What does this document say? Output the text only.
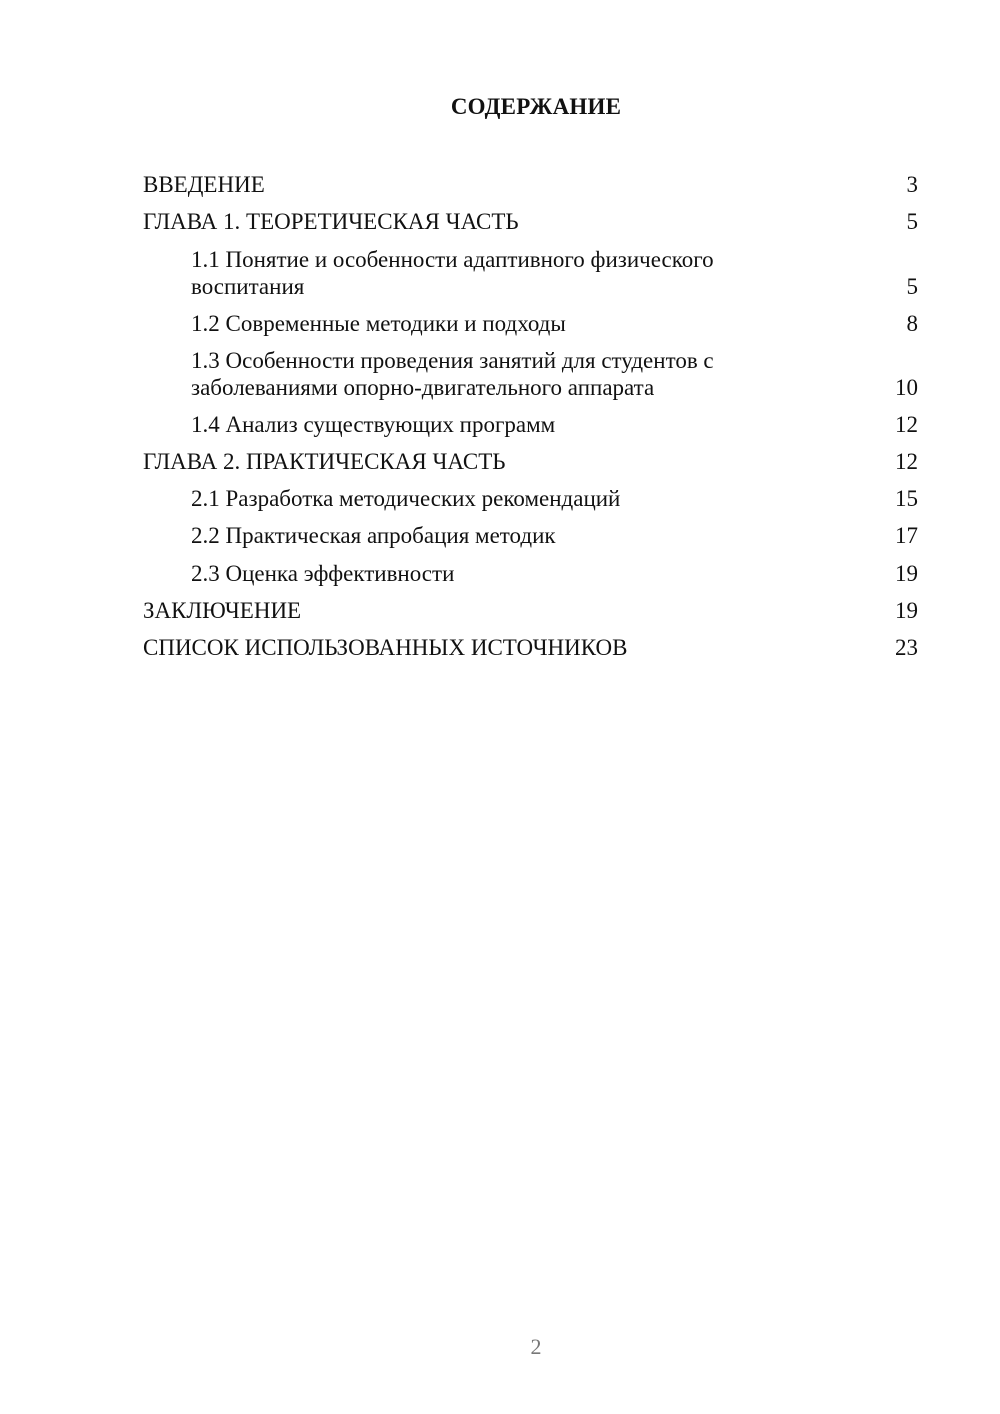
СОДЕРЖАНИЕ
ВВЕДЕНИЕ	3
ГЛАВА 1. ТЕОРЕТИЧЕСКАЯ ЧАСТЬ	5
1.1 Понятие и особенности адаптивного физического воспитания	5
1.2 Современные методики и подходы	8
1.3 Особенности проведения занятий для студентов с заболеваниями опорно-двигательного аппарата	10
1.4 Анализ существующих программ	12
ГЛАВА 2. ПРАКТИЧЕСКАЯ ЧАСТЬ	12
2.1 Разработка методических рекомендаций	15
2.2 Практическая апробация методик	17
2.3 Оценка эффективности	19
ЗАКЛЮЧЕНИЕ	19
СПИСОК ИСПОЛЬЗОВАННЫХ ИСТОЧНИКОВ	23
2
